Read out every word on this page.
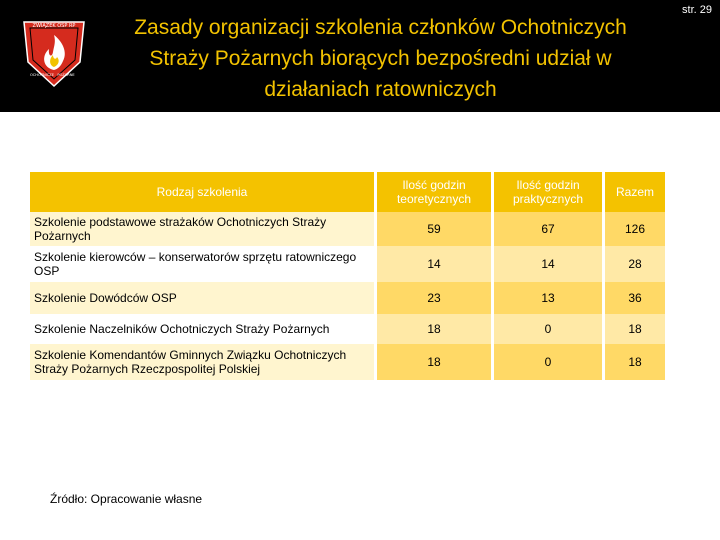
ZWIĄZEK OSP RP
OCHOTNICZE POŻARNE
Zasady organizacji szkolenia członków Ochotniczych Straży Pożarnych biorących bezpośredni udział w działaniach ratowniczych
str. 29
Rodzaj szkolenia	Ilość godzin teoretycznych	Ilość godzin praktycznych	Razem
Szkolenie podstawowe strażaków Ochotniczych Straży Pożarnych	59	67	126
Szkolenie kierowców – konserwatorów sprzętu ratowniczego OSP	14	14	28
Szkolenie Dowódców OSP	23	13	36
Szkolenie Naczelników Ochotniczych Straży Pożarnych	18	0	18
Szkolenie Komendantów Gminnych Związku Ochotniczych Straży Pożarnych Rzeczpospolitej Polskiej	18	0	18
Źródło: Opracowanie własne
